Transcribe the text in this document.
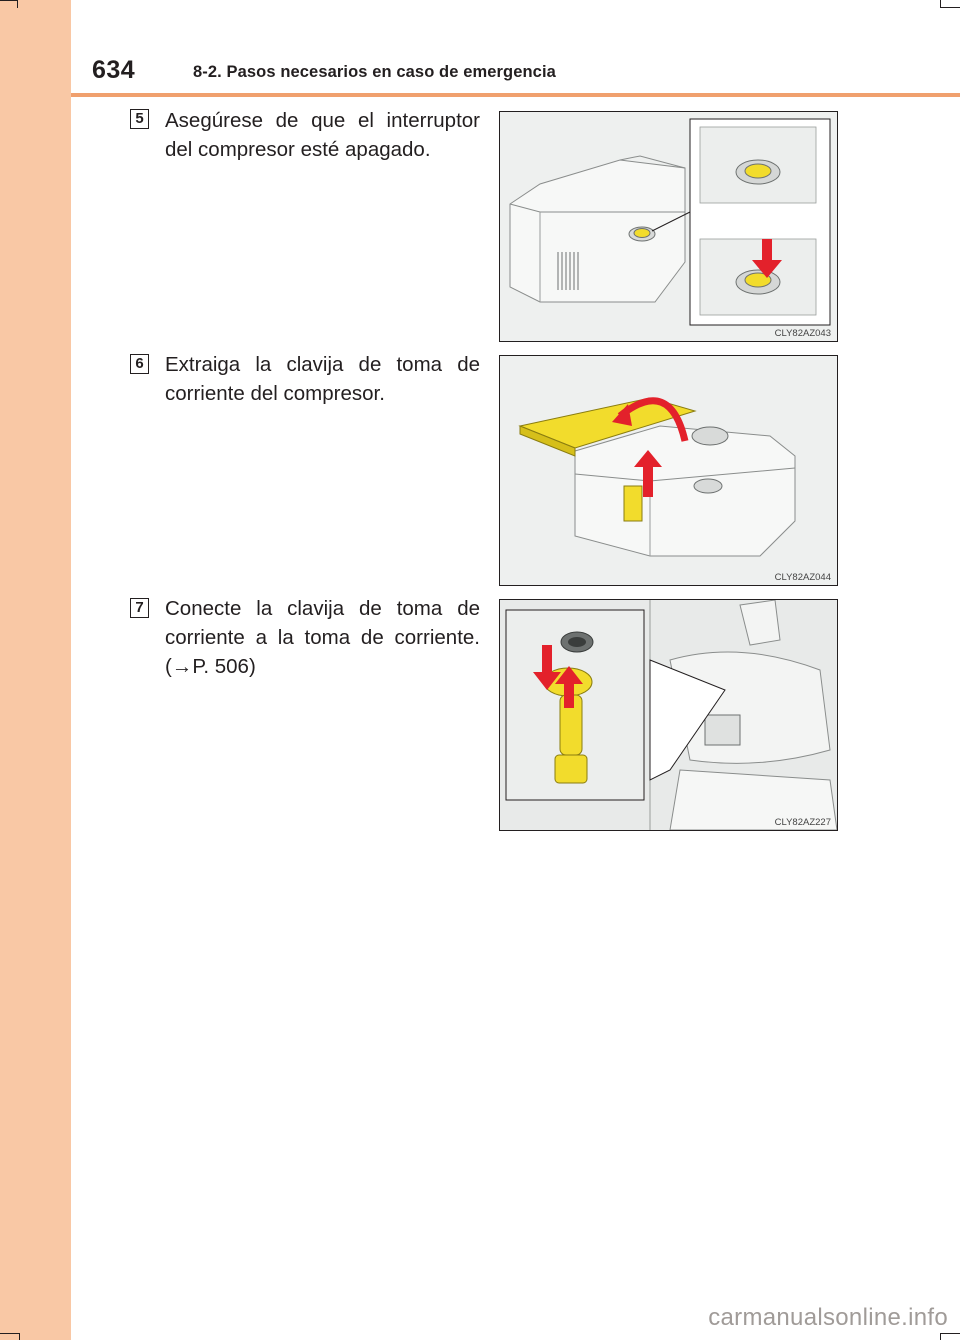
634	8-2. Pasos necesarios en caso de emergencia
5 Asegúrese de que el interruptor del compresor esté apagado.
CLY82AZ043
6 Extraiga la clavija de toma de corriente del compresor.
CLY82AZ044
7 Conecte la clavija de toma de corriente a la toma de corriente. (→P. 506)
CLY82AZ227
carmanualsonline.info
